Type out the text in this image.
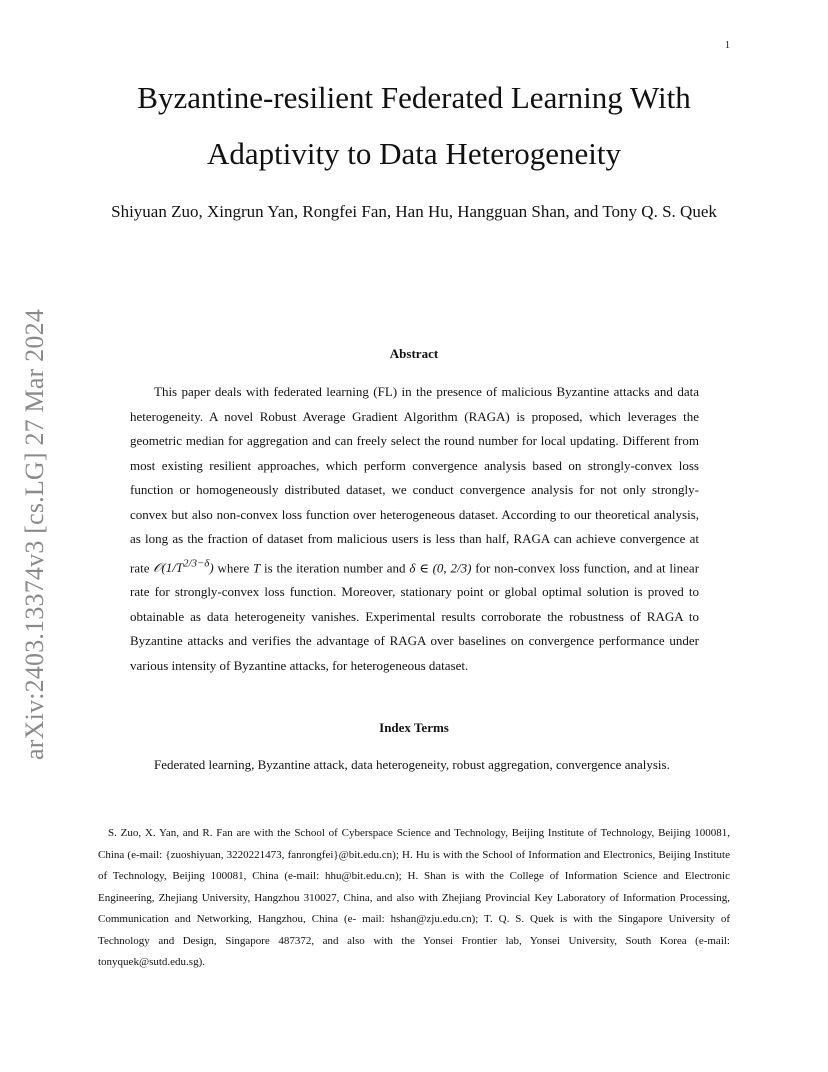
1
arXiv:2403.13374v3 [cs.LG] 27 Mar 2024
Byzantine-resilient Federated Learning With Adaptivity to Data Heterogeneity
Shiyuan Zuo, Xingrun Yan, Rongfei Fan, Han Hu, Hangguan Shan, and Tony Q. S. Quek
Abstract

This paper deals with federated learning (FL) in the presence of malicious Byzantine attacks and data heterogeneity. A novel Robust Average Gradient Algorithm (RAGA) is proposed, which leverages the geometric median for aggregation and can freely select the round number for local updating. Different from most existing resilient approaches, which perform convergence analysis based on strongly-convex loss function or homogeneously distributed dataset, we conduct convergence analysis for not only strongly-convex but also non-convex loss function over heterogeneous dataset. According to our theoretical analysis, as long as the fraction of dataset from malicious users is less than half, RAGA can achieve convergence at rate $𝒪(1/T^{2/3-\delta})$ where T is the iteration number and δ ∈ (0, 2/3) for non-convex loss function, and at linear rate for strongly-convex loss function. Moreover, stationary point or global optimal solution is proved to obtainable as data heterogeneity vanishes. Experimental results corroborate the robustness of RAGA to Byzantine attacks and verifies the advantage of RAGA over baselines on convergence performance under various intensity of Byzantine attacks, for heterogeneous dataset.

Index Terms
Federated learning, Byzantine attack, data heterogeneity, robust aggregation, convergence analysis.

S. Zuo, X. Yan, and R. Fan are with the School of Cyberspace Science and Technology, Beijing Institute of Technology, Beijing 100081, China (e-mail: {zuoshiyuan, 3220221473, fanrongfei}@bit.edu.cn); H. Hu is with the School of Information and Electronics, Beijing Institute of Technology, Beijing 100081, China (e-mail: hhu@bit.edu.cn); H. Shan is with the College of Information Science and Electronic Engineering, Zhejiang University, Hangzhou 310027, China, and also with Zhejiang Provincial Key Laboratory of Information Processing, Communication and Networking, Hangzhou, China (e- mail: hshan@zju.edu.cn); T. Q. S. Quek is with the Singapore University of Technology and Design, Singapore 487372, and also with the Yonsei Frontier lab, Yonsei University, South Korea (e-mail: tonyquek@sutd.edu.sg).
